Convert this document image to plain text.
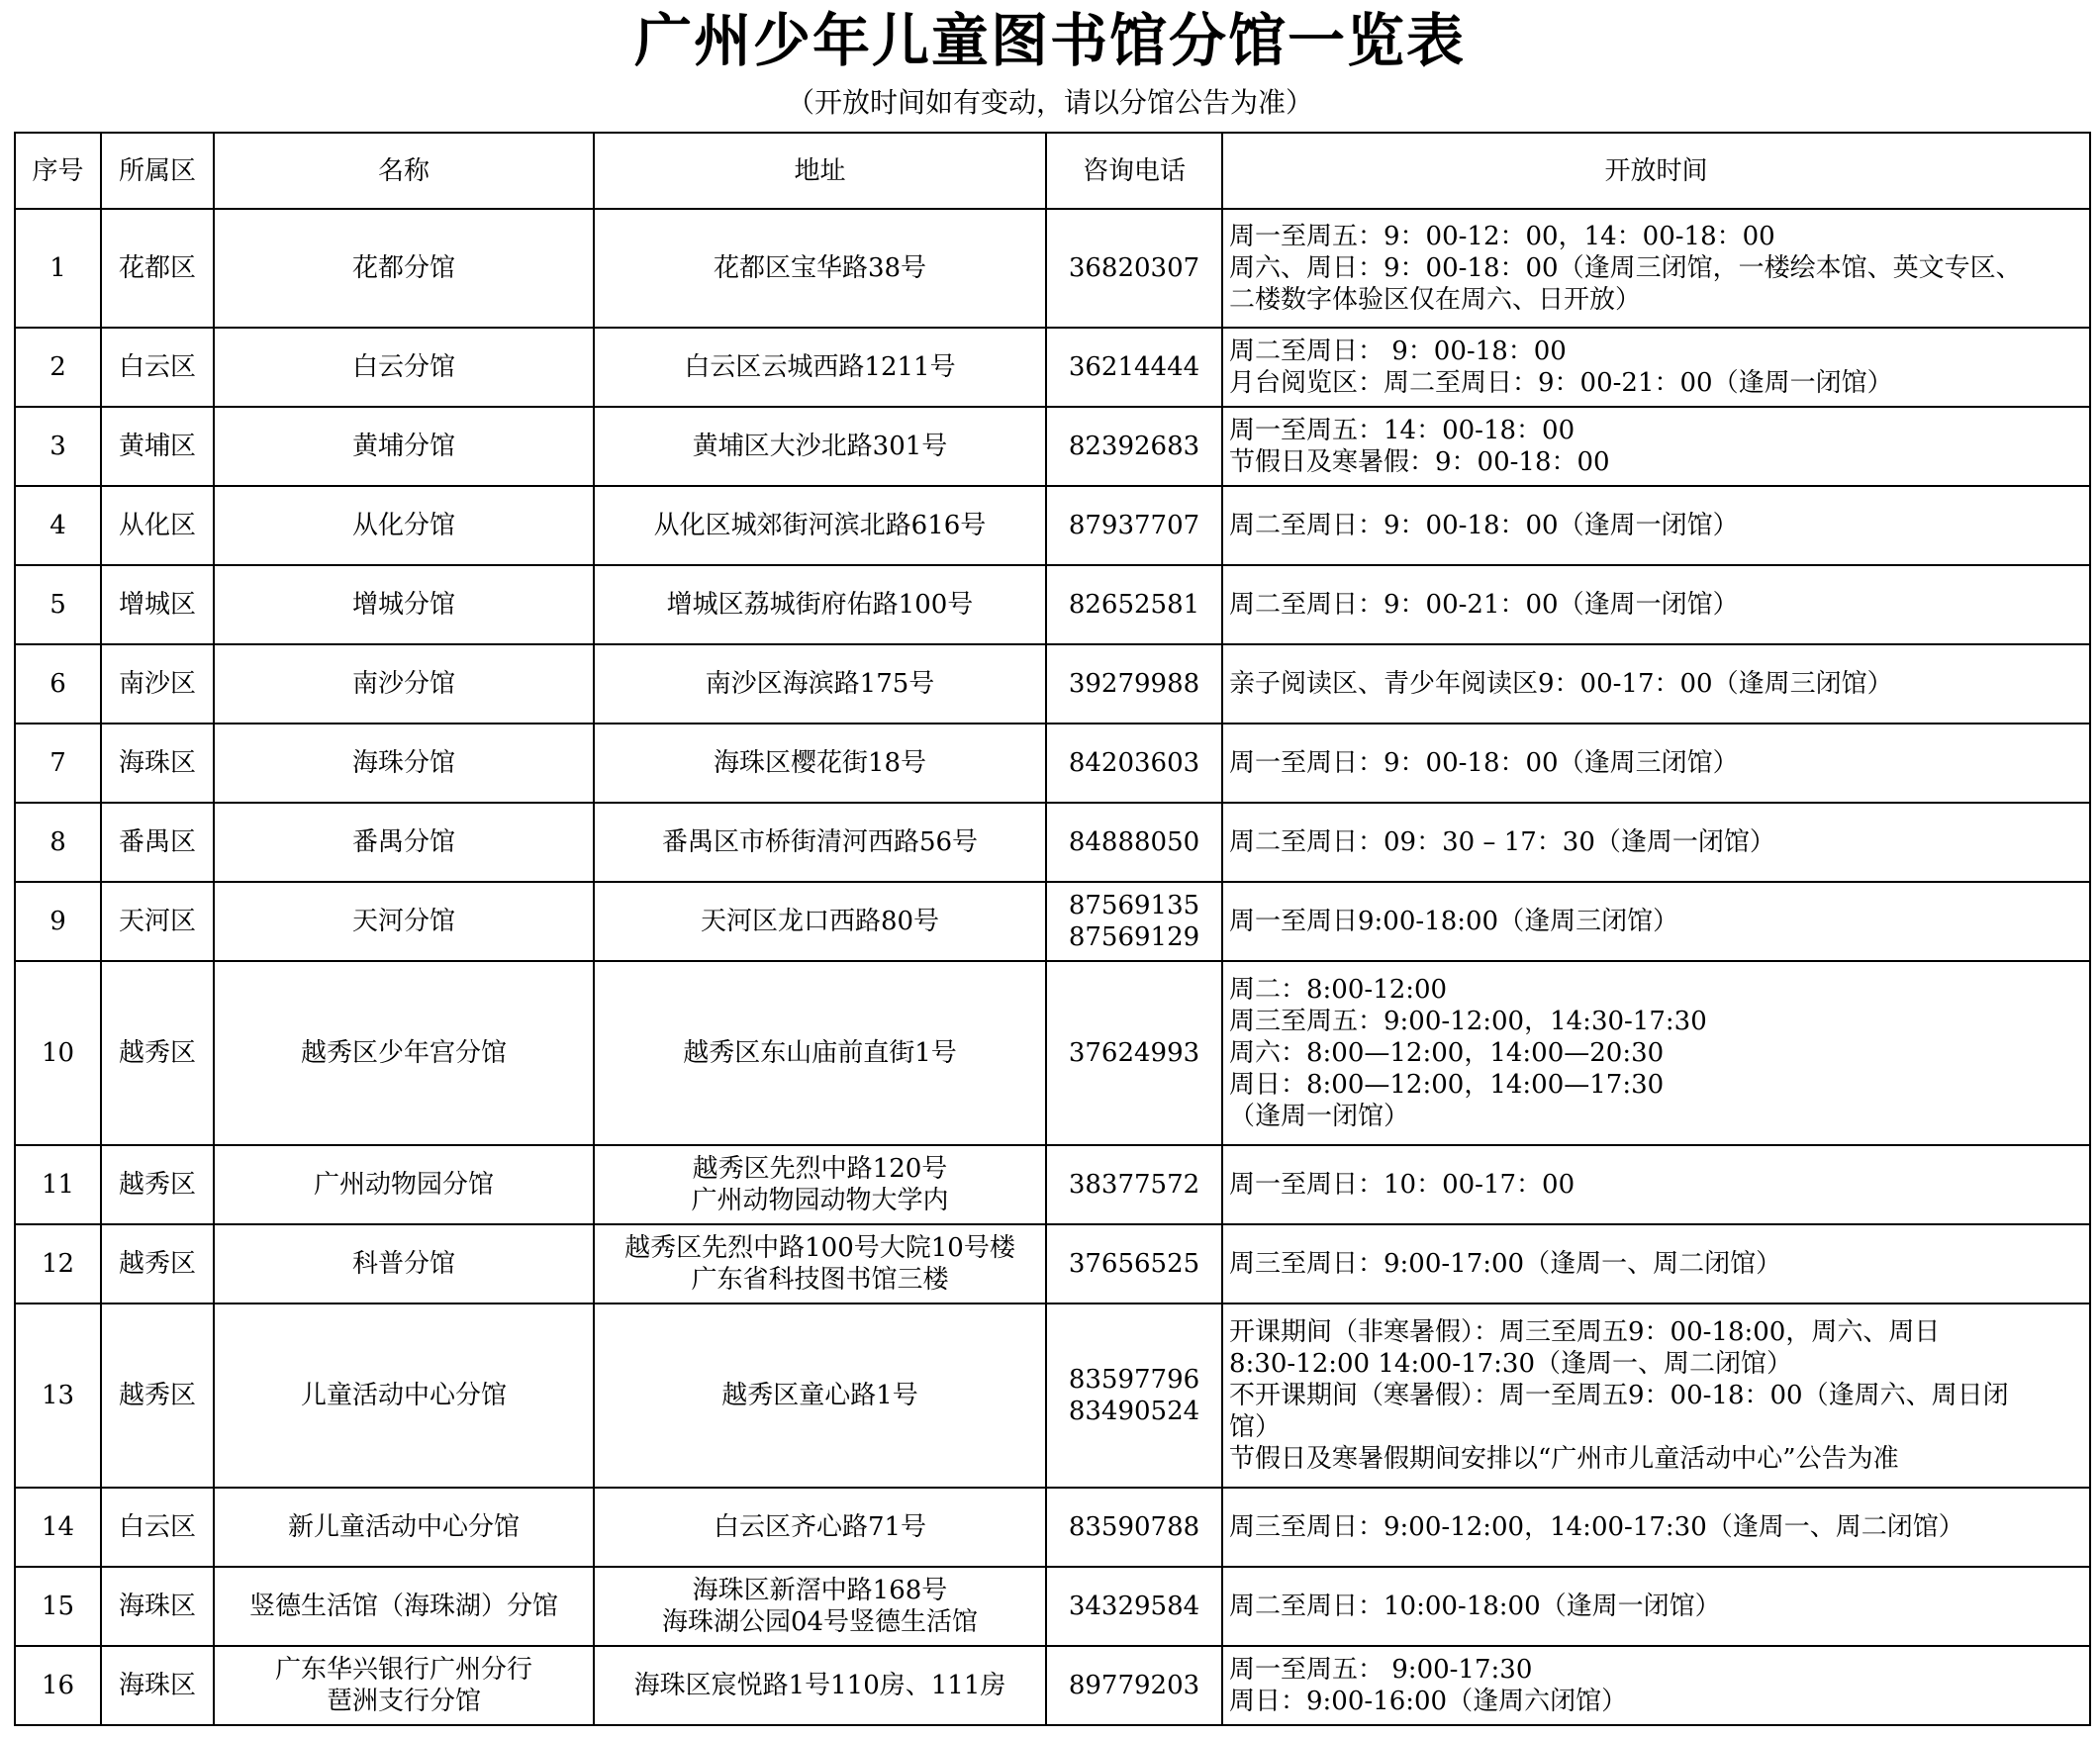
广州少年儿童图书馆分馆一览表
（开放时间如有变动，请以分馆公告为准）
序号	所属区	名称	地址	咨询电话	开放时间
1	花都区	花都分馆	花都区宝华路38号	36820307	周一至周五：9：00-12：00，14：00-18：00
周六、周日：9：00-18：00（逢周三闭馆，一楼绘本馆、英文专区、
二楼数字体验区仅在周六、日开放）

2	白云区	白云分馆	白云区云城西路1211号	36214444	周二至周日： 9：00-18：00
月台阅览区：周二至周日：9：00-21：00（逢周一闭馆）

3	黄埔区	黄埔分馆	黄埔区大沙北路301号	82392683	周一至周五：14：00-18：00
节假日及寒暑假：9：00-18：00

4	从化区	从化分馆	从化区城郊街河滨北路616号	87937707	周二至周日：9：00-18：00（逢周一闭馆）

5	增城区	增城分馆	增城区荔城街府佑路100号	82652581	周二至周日：9：00-21：00（逢周一闭馆）

6	南沙区	南沙分馆	南沙区海滨路175号	39279988	亲子阅读区、青少年阅读区9：00-17：00（逢周三闭馆）

7	海珠区	海珠分馆	海珠区樱花街18号	84203603	周一至周日：9：00-18：00（逢周三闭馆）

8	番禺区	番禺分馆	番禺区市桥街清河西路56号	84888050	周二至周日：09：30 – 17：30（逢周一闭馆）

9	天河区	天河分馆	天河区龙口西路80号	87569135
87569129	周一至周日9:00-18:00（逢周三闭馆）

10	越秀区	越秀区少年宫分馆	越秀区东山庙前直街1号	37624993	周二：8:00-12:00
周三至周五：9:00-12:00，14:30-17:30
周六：8:00—12:00，14:00—20:30
周日：8:00—12:00，14:00—17:30
（逢周一闭馆）

11	越秀区	广州动物园分馆	越秀区先烈中路120号
广州动物园动物大学内	38377572	周一至周日：10：00-17：00

12	越秀区	科普分馆	越秀区先烈中路100号大院10号楼
广东省科技图书馆三楼	37656525	周三至周日：9:00-17:00（逢周一、周二闭馆）

13	越秀区	儿童活动中心分馆	越秀区童心路1号	83597796
83490524	开课期间（非寒暑假）：周三至周五9：00-18:00，周六、周日
8:30-12:00 14:00-17:30（逢周一、周二闭馆）
不开课期间（寒暑假）：周一至周五9：00-18：00（逢周六、周日闭
馆）
节假日及寒暑假期间安排以“广州市儿童活动中心”公告为准

14	白云区	新儿童活动中心分馆	白云区齐心路71号	83590788	周三至周日：9:00-12:00，14:00-17:30（逢周一、周二闭馆）

15	海珠区	竖德生活馆（海珠湖）分馆	海珠区新滘中路168号
海珠湖公园04号竖德生活馆	34329584	周二至周日：10:00-18:00（逢周一闭馆）

16	海珠区	广东华兴银行广州分行
琶洲支行分馆	海珠区宸悦路1号110房、111房	89779203	周一至周五： 9:00-17:30
周日：9:00-16:00（逢周六闭馆）
